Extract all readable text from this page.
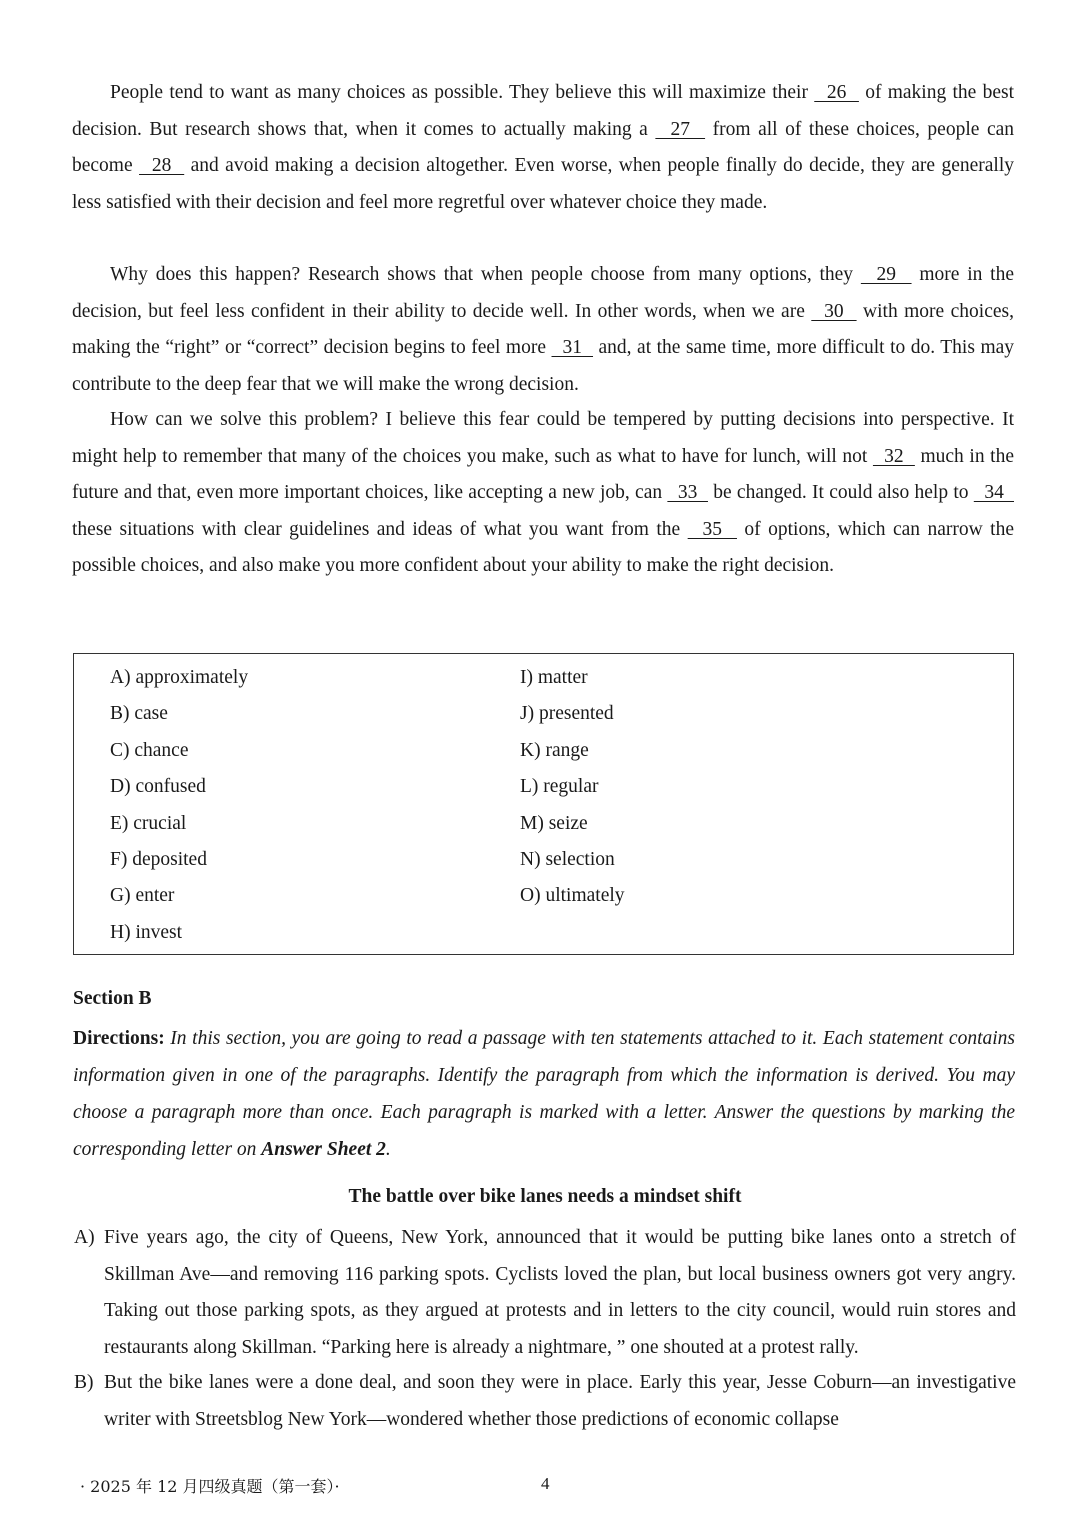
People tend to want as many choices as possible. They believe this will maximize their   26   of making the best decision. But research shows that, when it comes to actually making a   27   from all of these choices, people can become   28   and avoid making a decision altogether. Even worse, when people finally do decide, they are generally less satisfied with their decision and feel more regretful over whatever choice they made.

Why does this happen? Research shows that when people choose from many options, they   29   more in the decision, but feel less confident in their ability to decide well. In other words, when we are   30   with more choices, making the “right” or “correct” decision begins to feel more   31   and, at the same time, more difficult to do. This may contribute to the deep fear that we will make the wrong decision.

How can we solve this problem? I believe this fear could be tempered by putting decisions into perspective. It might help to remember that many of the choices you make, such as what to have for lunch, will not   32   much in the future and that, even more important choices, like accepting a new job, can   33   be changed. It could also help to   34   these situations with clear guidelines and ideas of what you want from the   35   of options, which can narrow the possible choices, and also make you more confident about your ability to make the right decision.

A) approximately
B) case
C) chance
D) confused
E) crucial
F) deposited
G) enter
H) invest
I) matter
J) presented
K) range
L) regular
M) seize
N) selection
O) ultimately
Section B

Directions: In this section, you are going to read a passage with ten statements attached to it. Each statement contains information given in one of the paragraphs. Identify the paragraph from which the information is derived. You may choose a paragraph more than once. Each paragraph is marked with a letter. Answer the questions by marking the corresponding letter on Answer Sheet 2.

The battle over bike lanes needs a mindset shift

A) Five years ago, the city of Queens, New York, announced that it would be putting bike lanes onto a stretch of Skillman Ave—and removing 116 parking spots. Cyclists loved the plan, but local business owners got very angry. Taking out those parking spots, as they argued at protests and in letters to the city council, would ruin stores and restaurants along Skillman. “Parking here is already a nightmare, ” one shouted at a protest rally.

B) But the bike lanes were a done deal, and soon they were in place. Early this year, Jesse Coburn—an investigative writer with Streetsblog New York—wondered whether those predictions of economic collapse

· 2025 年 12 月四级真题（第一套）·	4
